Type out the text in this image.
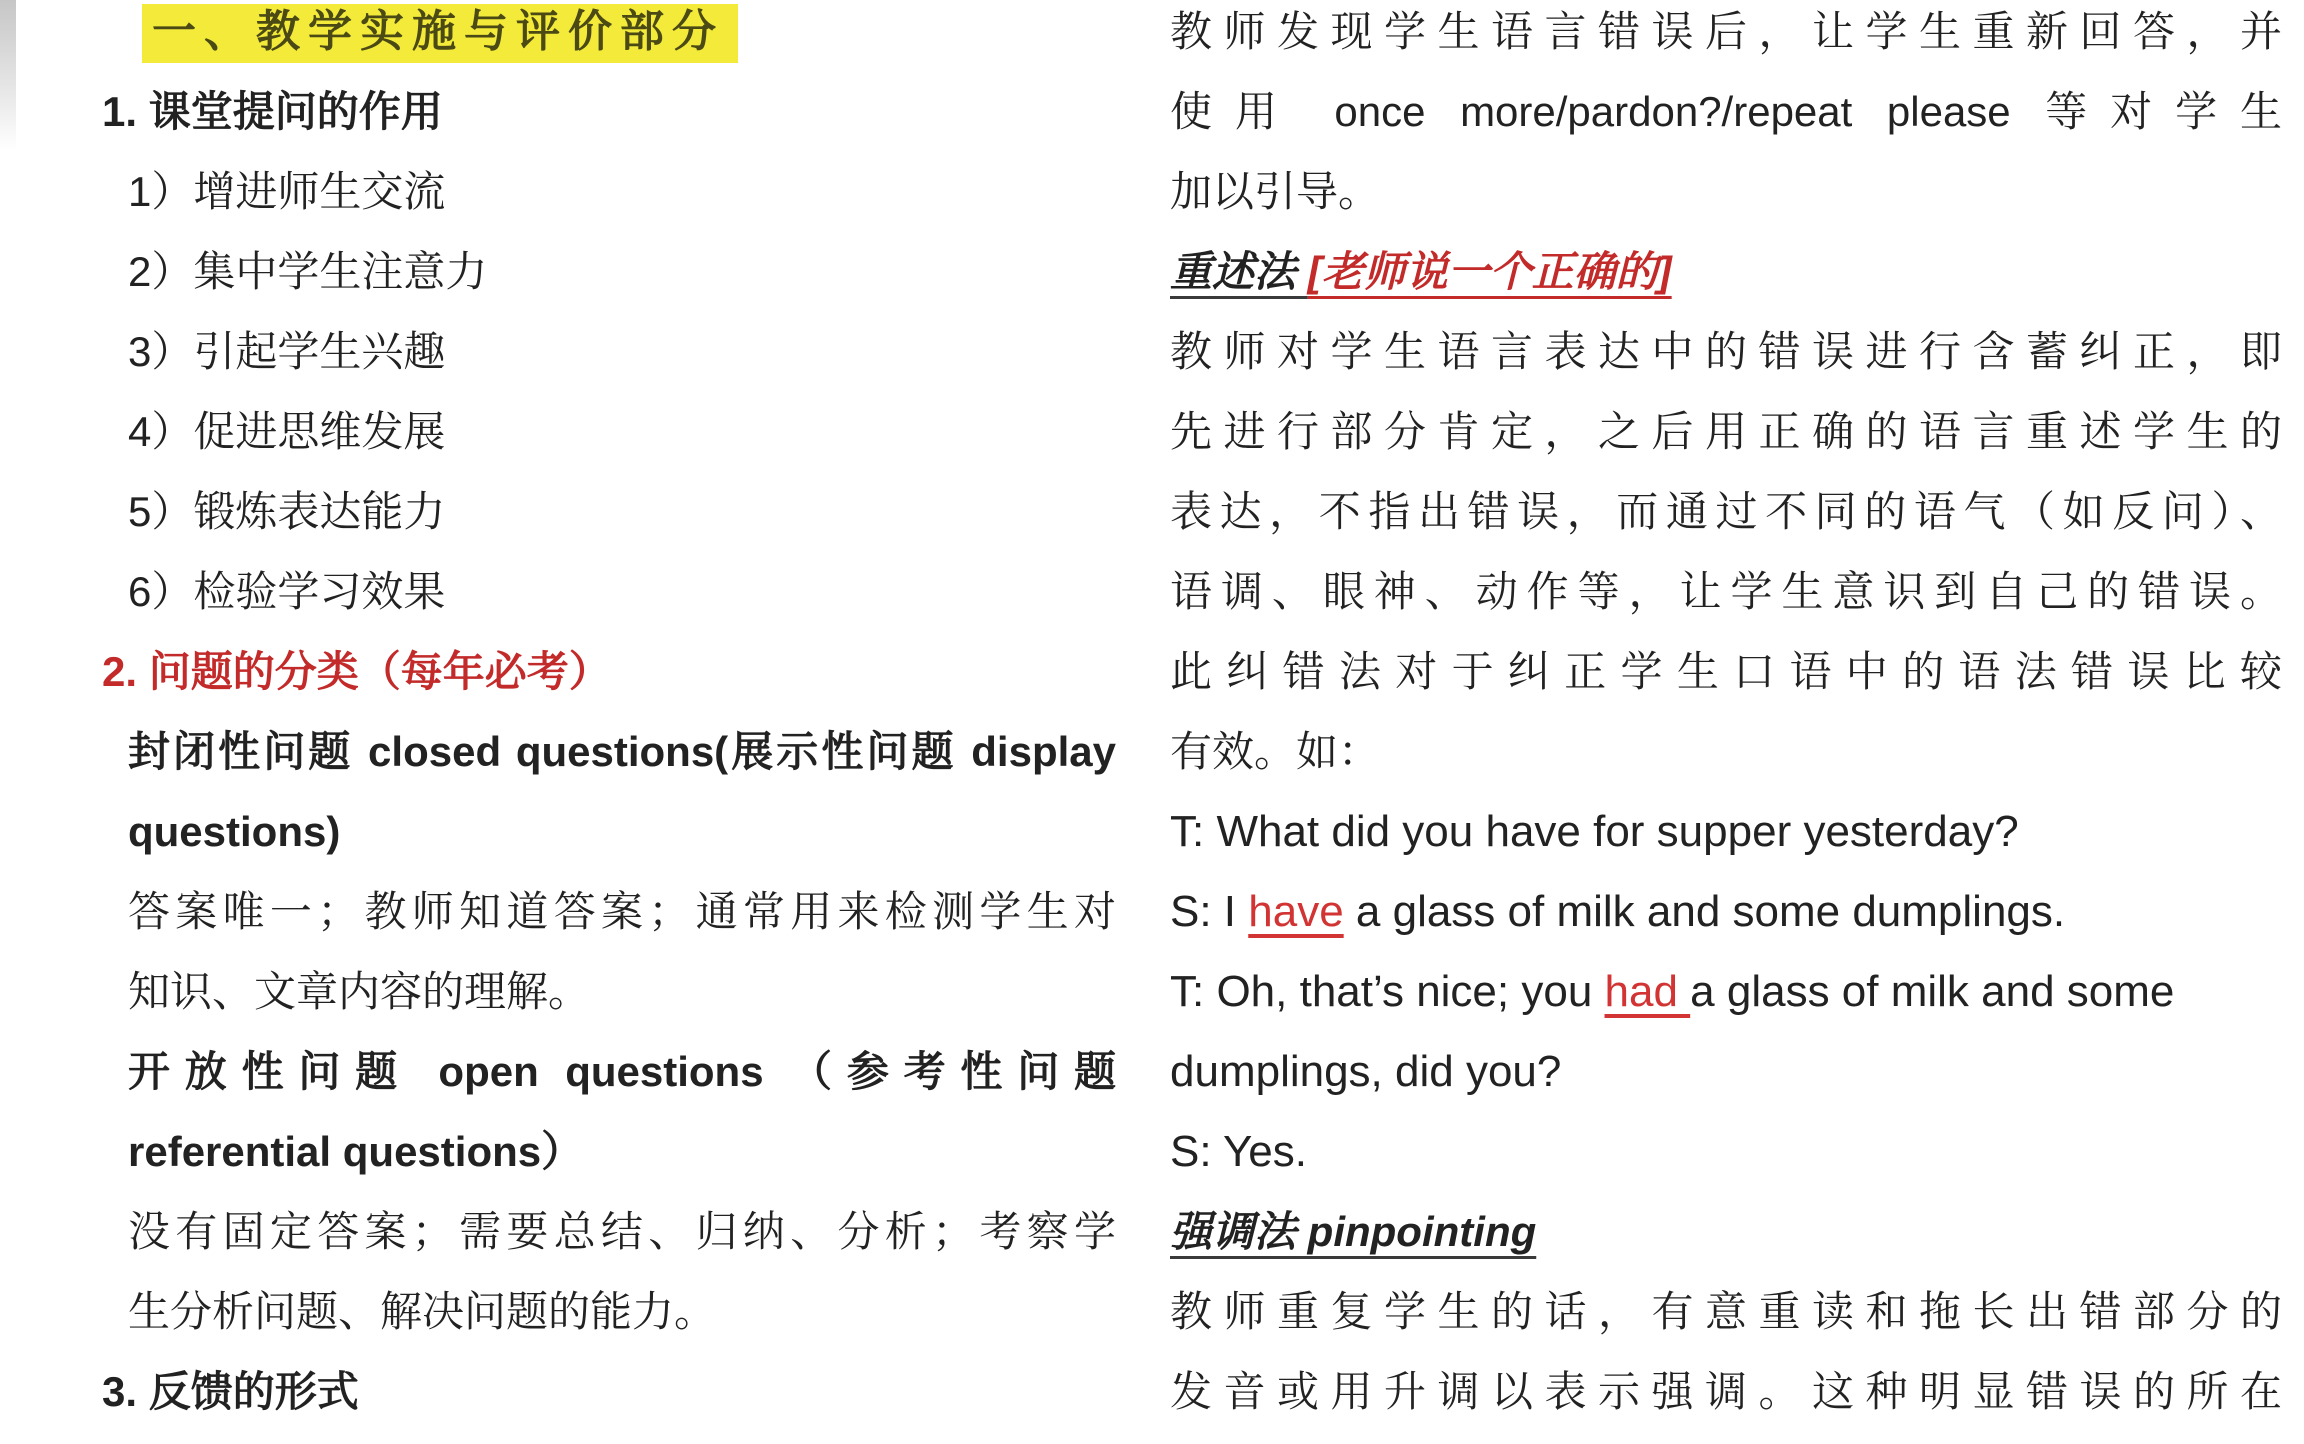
一、教学实施与评价部分
1. 课堂提问的作用
1）增进师生交流
2）集中学生注意力
3）引起学生兴趣
4）促进思维发展
5）锻炼表达能力
6）检验学习效果
2. 问题的分类（每年必考）
封闭性问题 closed questions(展示性问题 display
questions)
答案唯一；教师知道答案；通常用来检测学生对
知识、文章内容的理解。
开放性问题 open questions （参考性问题
referential questions）
没有固定答案；需要总结、归纳、分析；考察学
生分析问题、解决问题的能力。
3. 反馈的形式
教师发现学生语言错误后，让学生重新回答，并
使用 once more/pardon?/repeat please 等对学生
加以引导。
重述法 [老师说一个正确的]
教师对学生语言表达中的错误进行含蓄纠正，即
先进行部分肯定，之后用正确的语言重述学生的
表达，不指出错误，而通过不同的语气（如反问）、
语调、眼神、动作等，让学生意识到自己的错误。
此纠错法对于纠正学生口语中的语法错误比较
有效。如：
T: What did you have for supper yesterday?
S: I have a glass of milk and some dumplings.
T: Oh, that’s nice; you had a glass of milk and some
dumplings, did you?
S: Yes.
强调法 pinpointing
教师重复学生的话，有意重读和拖长出错部分的
发音或用升调以表示强调。这种明显错误的所在
